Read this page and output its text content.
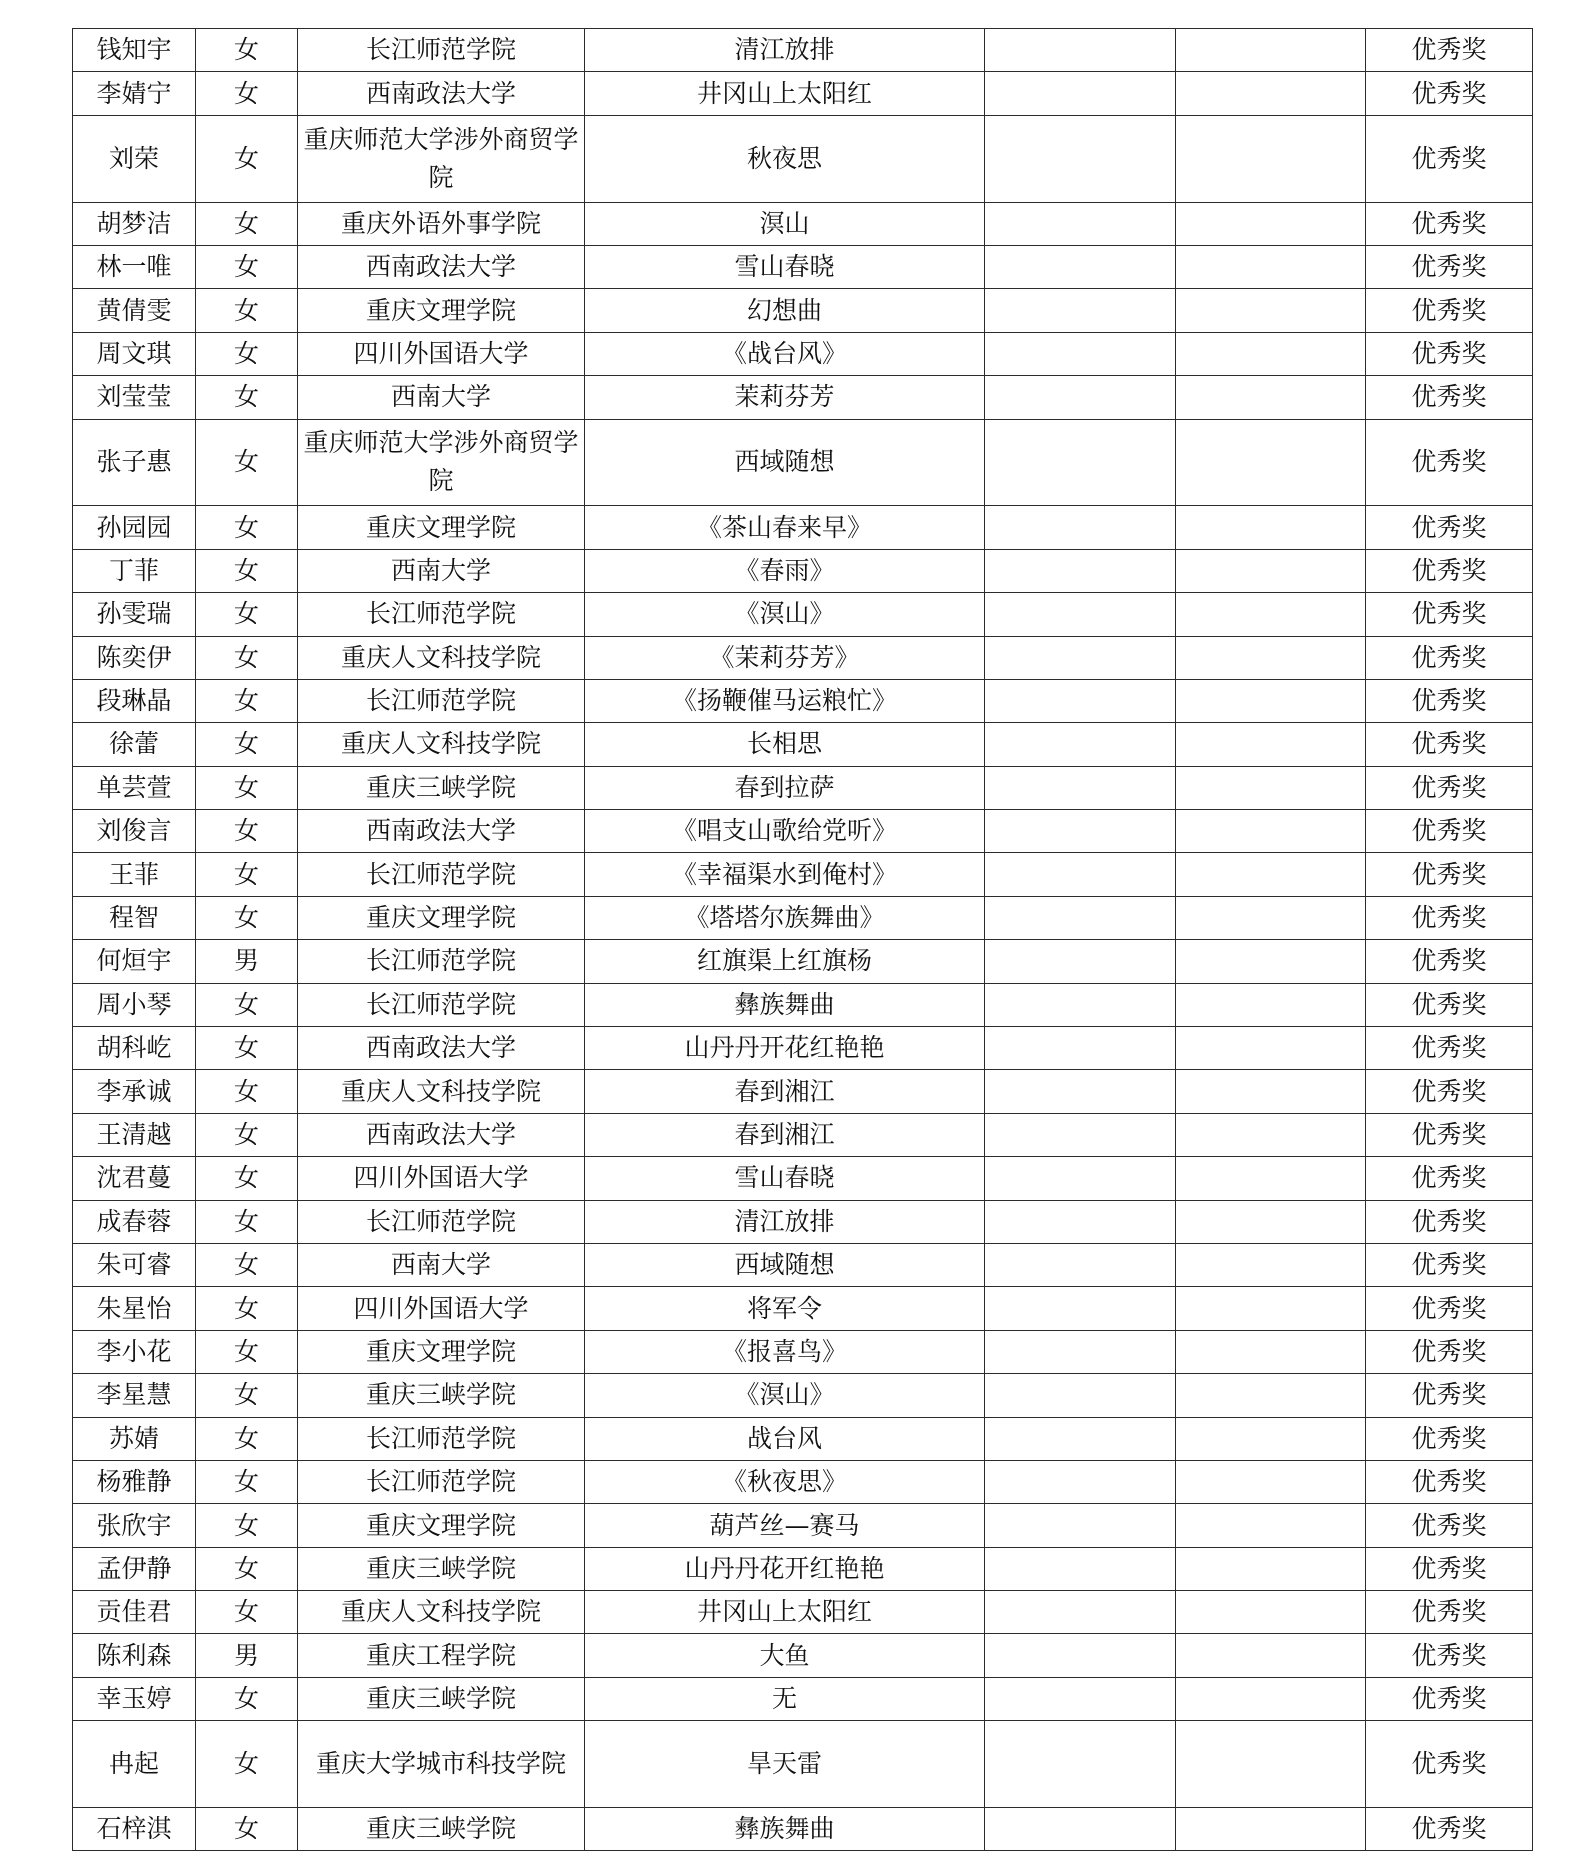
钱知宇	女	长江师范学院	清江放排			优秀奖
李婧宁	女	西南政法大学	井冈山上太阳红			优秀奖
刘荣	女	重庆师范大学涉外商贸学院	秋夜思			优秀奖
胡梦洁	女	重庆外语外事学院	溟山			优秀奖
林一唯	女	西南政法大学	雪山春晓			优秀奖
黄倩雯	女	重庆文理学院	幻想曲			优秀奖
周文琪	女	四川外国语大学	《战台风》			优秀奖
刘莹莹	女	西南大学	茉莉芬芳			优秀奖
张子惠	女	重庆师范大学涉外商贸学院	西域随想			优秀奖
孙园园	女	重庆文理学院	《茶山春来早》			优秀奖
丁菲	女	西南大学	《春雨》			优秀奖
孙雯瑞	女	长江师范学院	《溟山》			优秀奖
陈奕伊	女	重庆人文科技学院	《茉莉芬芳》			优秀奖
段琳晶	女	长江师范学院	《扬鞭催马运粮忙》			优秀奖
徐蕾	女	重庆人文科技学院	长相思			优秀奖
单芸萱	女	重庆三峡学院	春到拉萨			优秀奖
刘俊言	女	西南政法大学	《唱支山歌给党听》			优秀奖
王菲	女	长江师范学院	《幸福渠水到俺村》			优秀奖
程智	女	重庆文理学院	《塔塔尔族舞曲》			优秀奖
何烜宇	男	长江师范学院	红旗渠上红旗杨			优秀奖
周小琴	女	长江师范学院	彝族舞曲			优秀奖
胡科屹	女	西南政法大学	山丹丹开花红艳艳			优秀奖
李承诚	女	重庆人文科技学院	春到湘江			优秀奖
王清越	女	西南政法大学	春到湘江			优秀奖
沈君蔓	女	四川外国语大学	雪山春晓			优秀奖
成春蓉	女	长江师范学院	清江放排			优秀奖
朱可睿	女	西南大学	西域随想			优秀奖
朱星怡	女	四川外国语大学	将军令			优秀奖
李小花	女	重庆文理学院	《报喜鸟》			优秀奖
李星慧	女	重庆三峡学院	《溟山》			优秀奖
苏婧	女	长江师范学院	战台风			优秀奖
杨雅静	女	长江师范学院	《秋夜思》			优秀奖
张欣宇	女	重庆文理学院	葫芦丝—赛马			优秀奖
孟伊静	女	重庆三峡学院	山丹丹花开红艳艳			优秀奖
贡佳君	女	重庆人文科技学院	井冈山上太阳红			优秀奖
陈利森	男	重庆工程学院	大鱼			优秀奖
幸玉婷	女	重庆三峡学院	无			优秀奖
冉起	女	重庆大学城市科技学院	旱天雷			优秀奖
石梓淇	女	重庆三峡学院	彝族舞曲			优秀奖
